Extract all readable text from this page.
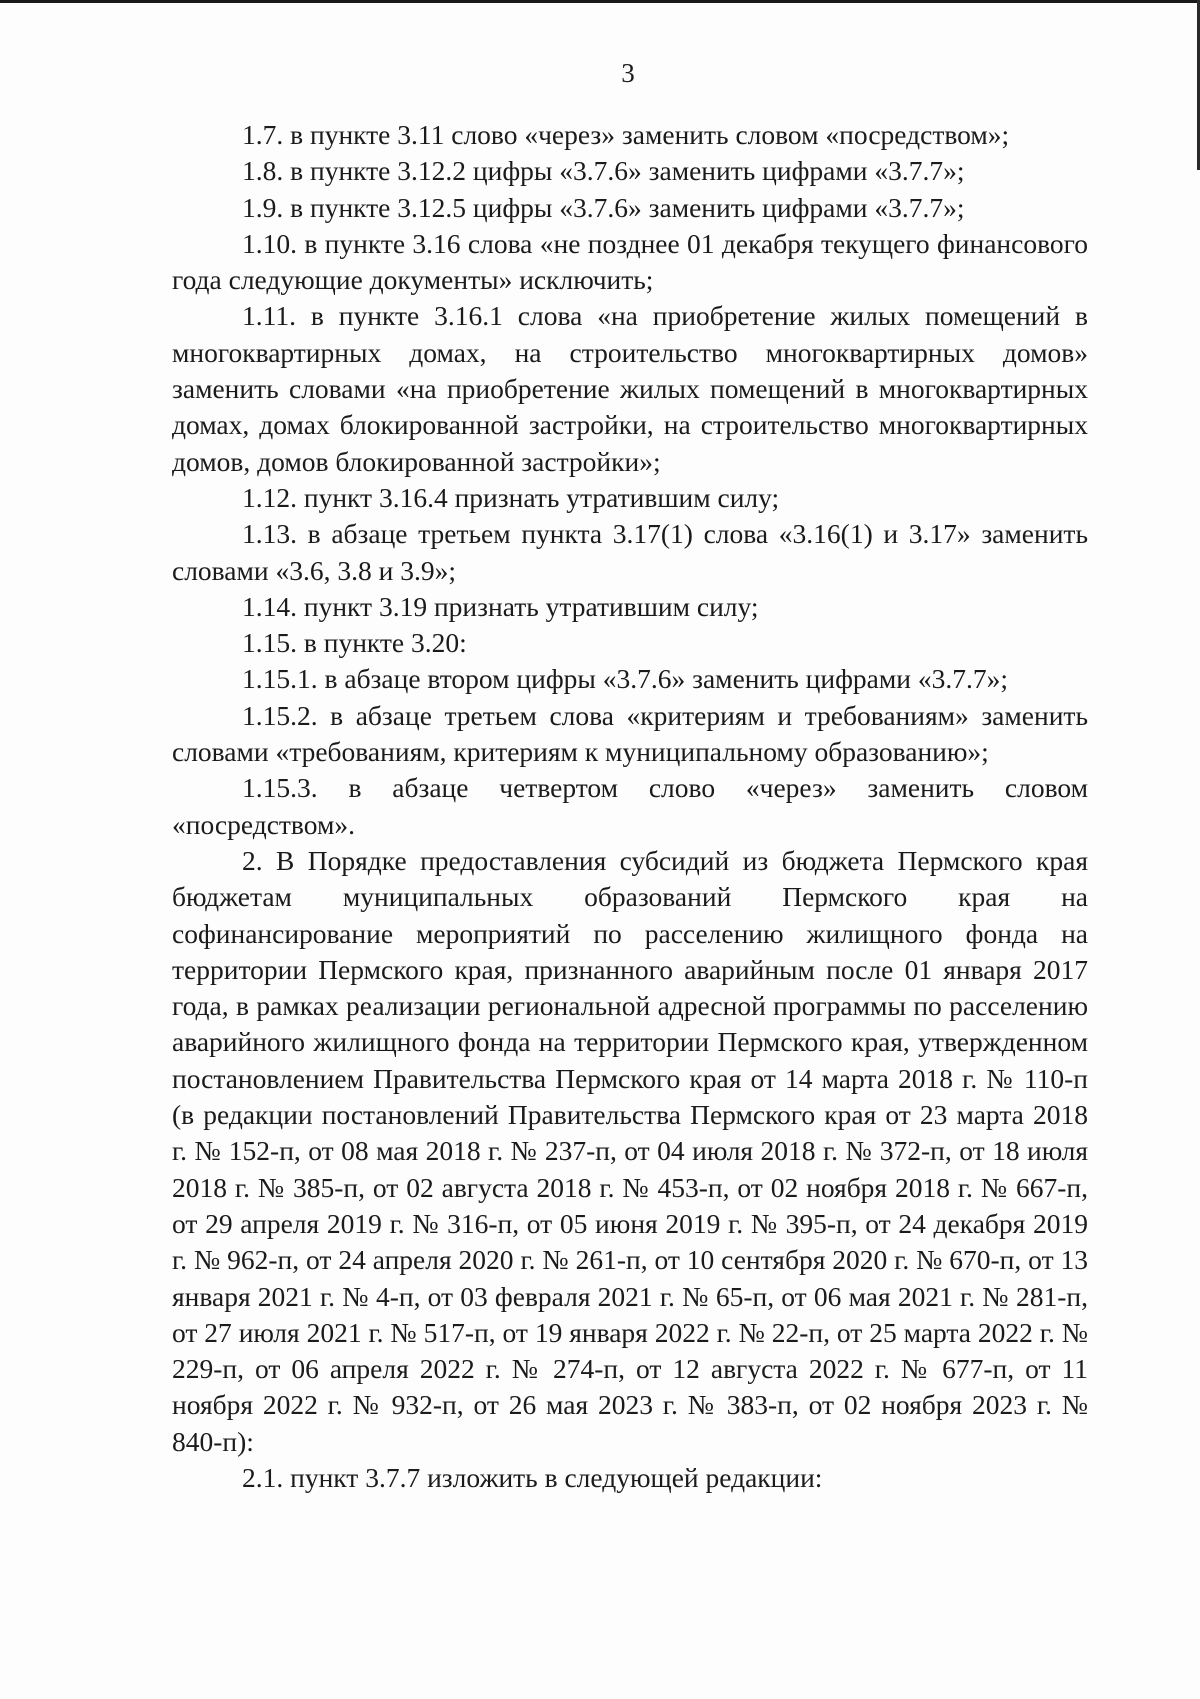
3

1.7. в пункте 3.11 слово «через» заменить словом «посредством»;

1.8. в пункте 3.12.2 цифры «3.7.6» заменить цифрами «3.7.7»;

1.9. в пункте 3.12.5 цифры «3.7.6» заменить цифрами «3.7.7»;

1.10. в пункте 3.16 слова «не позднее 01 декабря текущего финансового года следующие документы» исключить;

1.11. в пункте 3.16.1 слова «на приобретение жилых помещений в многоквартирных домах, на строительство многоквартирных домов» заменить словами «на приобретение жилых помещений в многоквартирных домах, домах блокированной застройки, на строительство многоквартирных домов, домов блокированной застройки»;

1.12. пункт 3.16.4 признать утратившим силу;

1.13. в абзаце третьем пункта 3.17(1) слова «3.16(1) и 3.17» заменить словами «3.6, 3.8 и 3.9»;

1.14. пункт 3.19 признать утратившим силу;

1.15. в пункте 3.20:

1.15.1. в абзаце втором цифры «3.7.6» заменить цифрами «3.7.7»;

1.15.2. в абзаце третьем слова «критериям и требованиям» заменить словами «требованиям, критериям к муниципальному образованию»;

1.15.3. в абзаце четвертом слово «через» заменить словом «посредством».

2. В Порядке предоставления субсидий из бюджета Пермского края бюджетам муниципальных образований Пермского края на софинансирование мероприятий по расселению жилищного фонда на территории Пермского края, признанного аварийным после 01 января 2017 года, в рамках реализации региональной адресной программы по расселению аварийного жилищного фонда на территории Пермского края, утвержденном постановлением Правительства Пермского края от 14 марта 2018 г. № 110-п (в редакции постановлений Правительства Пермского края от 23 марта 2018 г. № 152-п, от 08 мая 2018 г. № 237-п, от 04 июля 2018 г. № 372-п, от 18 июля 2018 г. № 385-п, от 02 августа 2018 г. № 453-п, от 02 ноября 2018 г. № 667-п, от 29 апреля 2019 г. № 316-п, от 05 июня 2019 г. № 395-п, от 24 декабря 2019 г. № 962-п, от 24 апреля 2020 г. № 261-п, от 10 сентября 2020 г. № 670-п, от 13 января 2021 г. № 4-п, от 03 февраля 2021 г. № 65-п, от 06 мая 2021 г. № 281-п, от 27 июля 2021 г. № 517-п, от 19 января 2022 г. № 22-п, от 25 марта 2022 г. № 229-п, от 06 апреля 2022 г. № 274-п, от 12 августа 2022 г. № 677-п, от 11 ноября 2022 г. № 932-п, от 26 мая 2023 г. № 383-п, от 02 ноября 2023 г. № 840-п):

2.1. пункт 3.7.7 изложить в следующей редакции:
